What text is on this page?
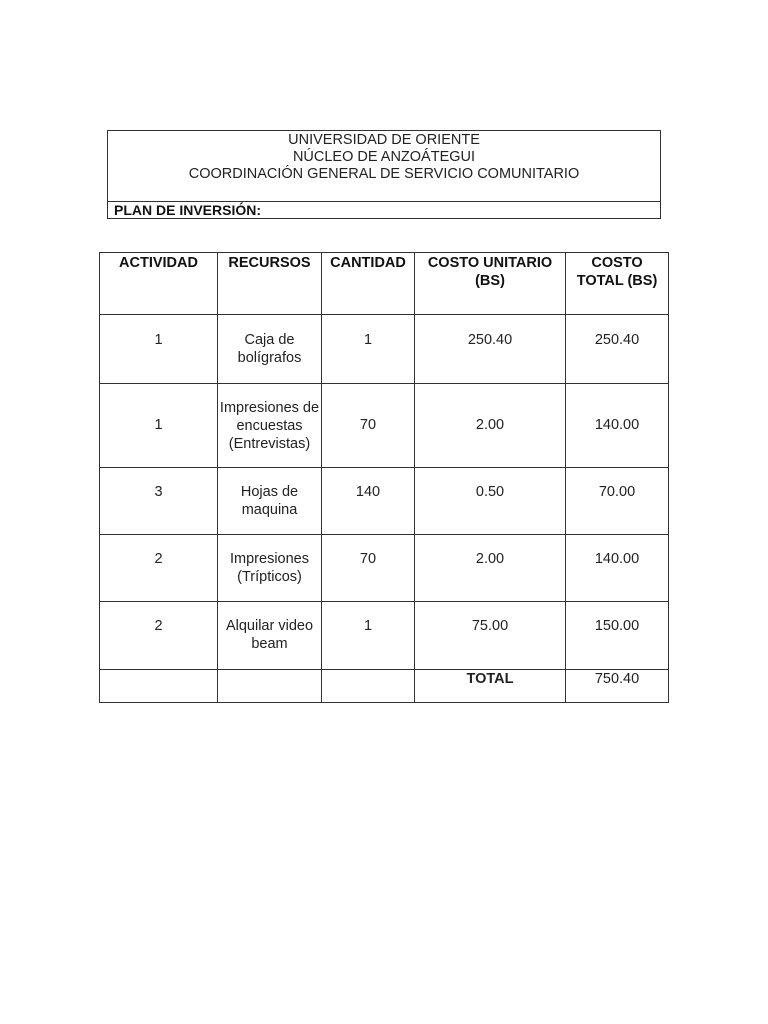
UNIVERSIDAD DE ORIENTE
NÚCLEO DE ANZOÁTEGUI
COORDINACIÓN GENERAL DE SERVICIO COMUNITARIO
PLAN DE INVERSIÓN:
ACTIVIDAD	RECURSOS	CANTIDAD	COSTO UNITARIO (BS)	COSTO TOTAL (BS)

1	Caja de bolígrafos	1	250.40	250.40
1	Impresiones de encuestas (Entrevistas)	70	2.00	140.00
3	Hojas de maquina	140	0.50	70.00
2	Impresiones (Trípticos)	70	2.00	140.00
2	Alquilar video beam	1	75.00	150.00
			TOTAL	750.40
